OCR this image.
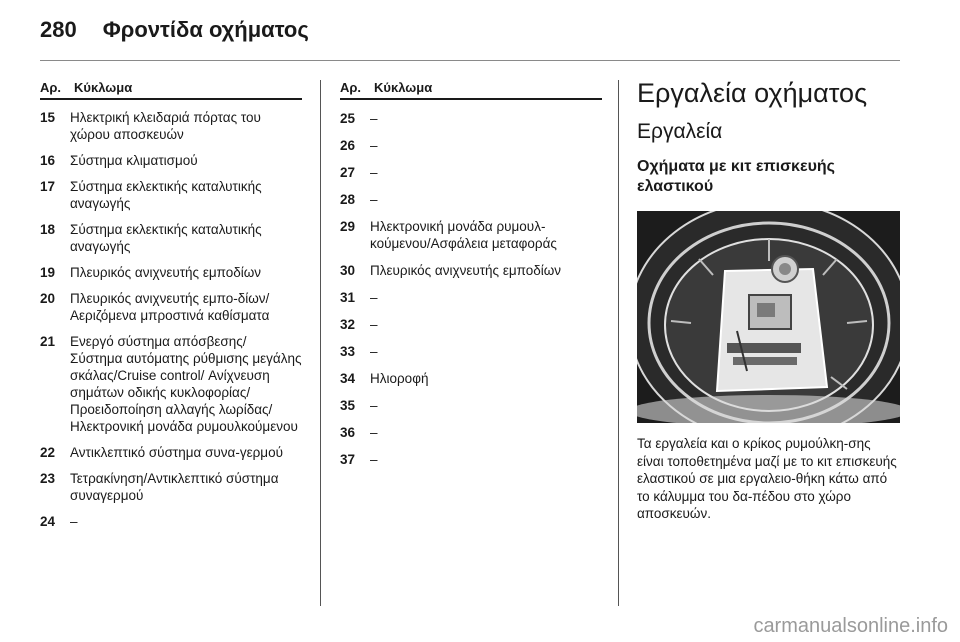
280 Φροντίδα οχήματος
Αρ. Κύκλωμα
15	Ηλεκτρική κλειδαριά πόρτας του χώρου αποσκευών
16	Σύστημα κλιματισμού
17	Σύστημα εκλεκτικής καταλυτικής αναγωγής
18	Σύστημα εκλεκτικής καταλυτικής αναγωγής
19	Πλευρικός ανιχνευτής εμποδίων
20	Πλευρικός ανιχνευτής εμπο-δίων/Αεριζόμενα μπροστινά καθίσματα
21	Ενεργό σύστημα απόσβεσης/ Σύστημα αυτόματης ρύθμισης μεγάλης σκάλας/Cruise control/ Ανίχνευση σημάτων οδικής κυκλοφορίας/Προειδοποίηση αλλαγής λωρίδας/Ηλεκτρονική μονάδα ρυμουλκούμενου
22	Αντικλεπτικό σύστημα συνα-γερμού
23	Τετρακίνηση/Αντικλεπτικό σύστημα συναγερμού
24	–
Αρ. Κύκλωμα
25	–
26	–
27	–
28	–
29	Ηλεκτρονική μονάδα ρυμουλ-κούμενου/Ασφάλεια μεταφοράς
30	Πλευρικός ανιχνευτής εμποδίων
31	–
32	–
33	–
34	Ηλιοροφή
35	–
36	–
37	–
Εργαλεία οχήματος
Εργαλεία
Οχήματα με κιτ επισκευής ελαστικού
Τα εργαλεία και ο κρίκος ρυμούλκη-σης είναι τοποθετημένα μαζί με το κιτ επισκευής ελαστικού σε μια εργαλειο-θήκη κάτω από το κάλυμμα του δα-πέδου στο χώρο αποσκευών.
carmanualsonline.info
